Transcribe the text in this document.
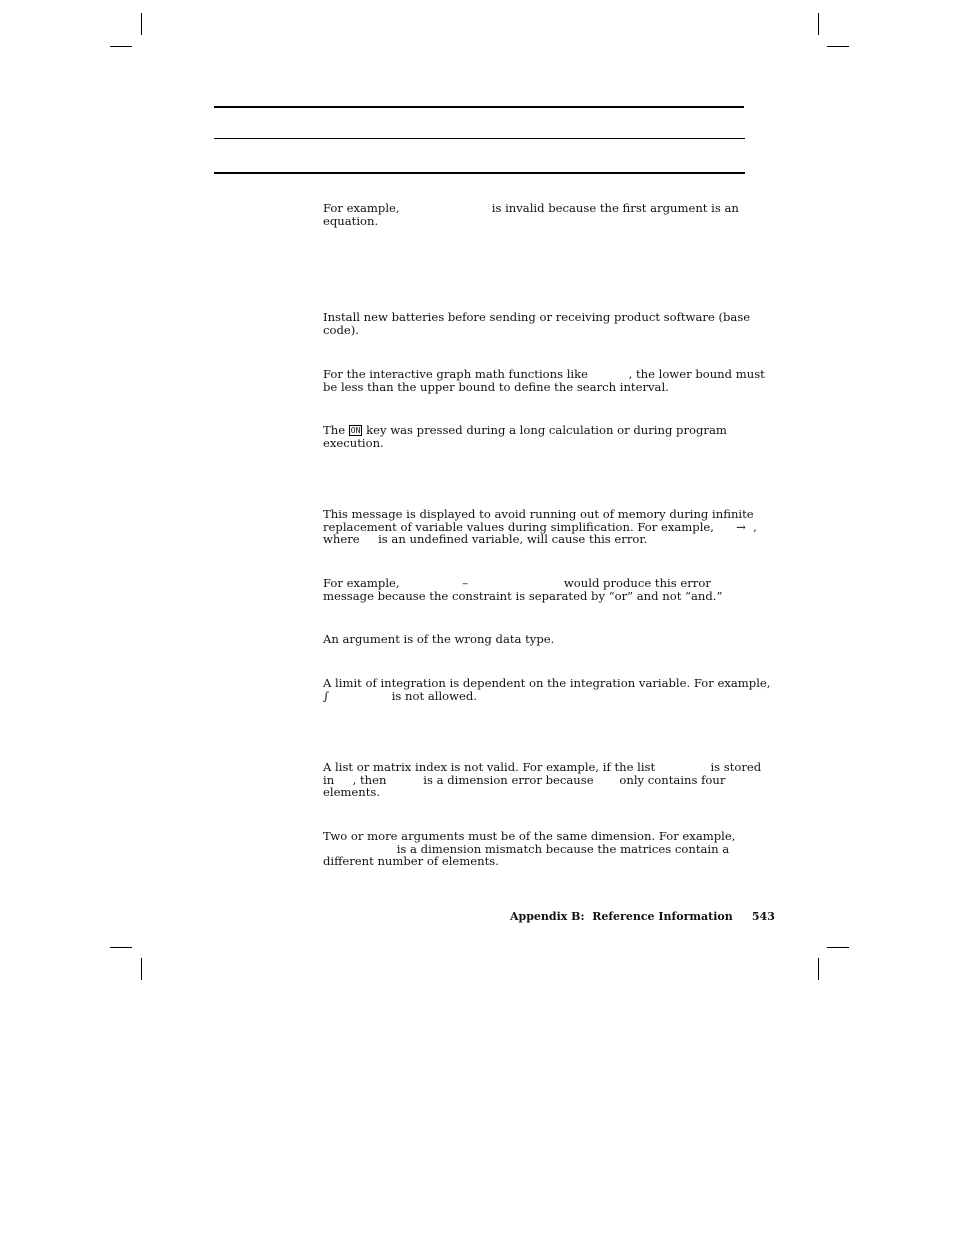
For example,                         is invalid because the first argument is an
equation.

Install new batteries before sending or receiving product software (base
code).

For the interactive graph math functions like           , the lower bound must
be less than the upper bound to define the search interval.

The ON key was pressed during a long calculation or during program
execution.

This message is displayed to avoid running out of memory during infinite
replacement of variable values during simplification. For example,      →  ,
where     is an undefined variable, will cause this error.

For example,                 –                          would produce this error
message because the constraint is separated by “or” and not “and.”

An argument is of the wrong data type.

A limit of integration is dependent on the integration variable. For example,
∫                 is not allowed.

A list or matrix index is not valid. For example, if the list               is stored
in     , then          is a dimension error because       only contains four
elements.

Two or more arguments must be of the same dimension. For example,
is a dimension mismatch because the matrices contain a
different number of elements.

Appendix B:  Reference Information 543
